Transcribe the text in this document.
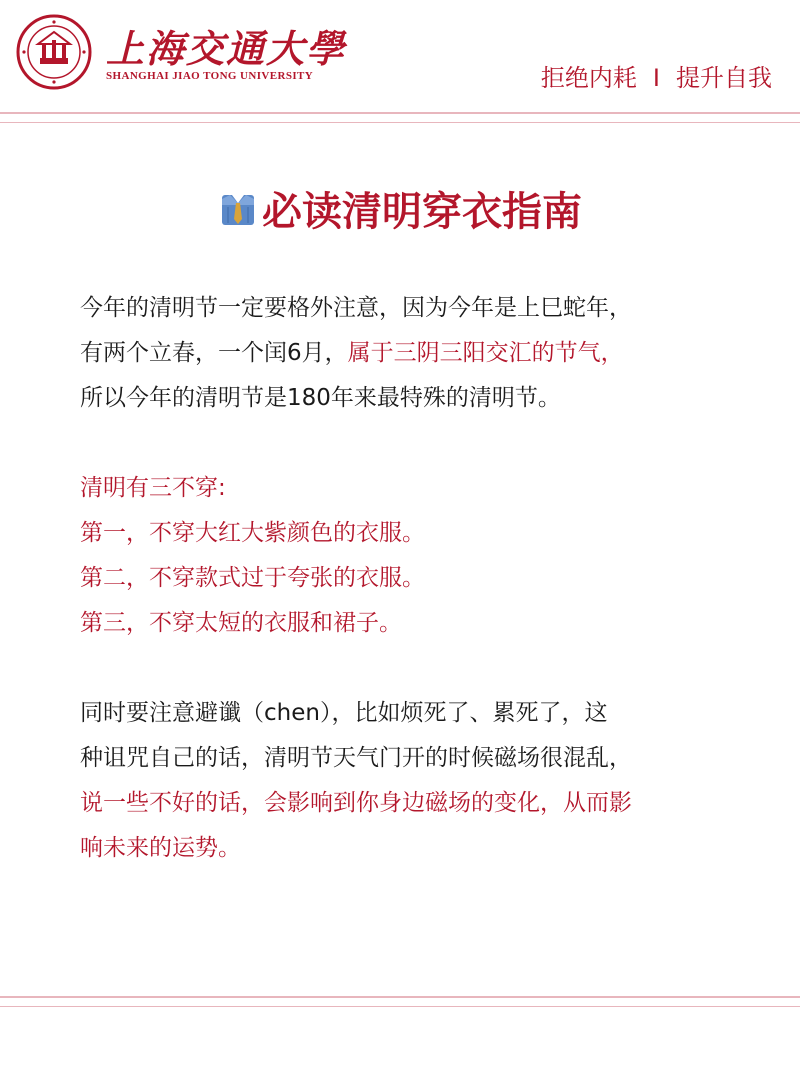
上海交通大學
SHANGHAI JIAO TONG UNIVERSITY	拒绝内耗 I 提升自我
必读清明穿衣指南

今年的清明节一定要格外注意，因为今年是上巳蛇年，

有两个立春，一个闰6月，属于三阴三阳交汇的节气，

所以今年的清明节是180年来最特殊的清明节。

清明有三不穿:

第一，不穿大红大紫颜色的衣服。

第二，不穿款式过于夸张的衣服。

第三，不穿太短的衣服和裙子。

同时要注意避谶（chen），比如烦死了、累死了，这

种诅咒自己的话，清明节天气门开的时候磁场很混乱，

说一些不好的话，会影响到你身边磁场的变化，从而影

响未来的运势。
